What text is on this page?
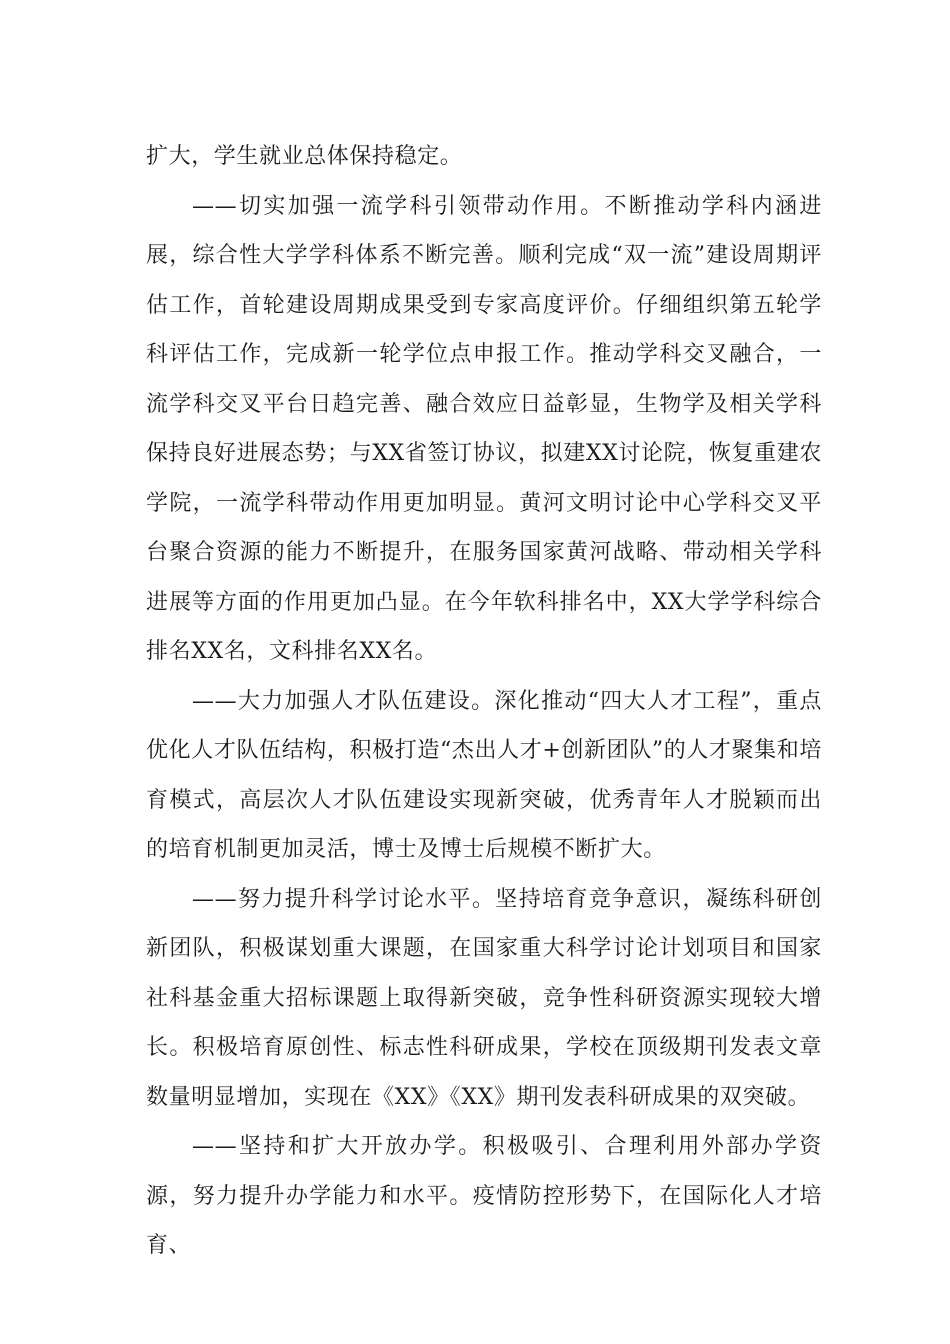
扩大，学生就业总体保持稳定。

——切实加强一流学科引领带动作用。不断推动学科内涵进展，综合性大学学科体系不断完善。顺利完成“双一流”建设周期评估工作，首轮建设周期成果受到专家高度评价。仔细组织第五轮学科评估工作，完成新一轮学位点申报工作。推动学科交叉融合，一流学科交叉平台日趋完善、融合效应日益彰显，生物学及相关学科保持良好进展态势；与XX省签订协议，拟建XX讨论院，恢复重建农学院，一流学科带动作用更加明显。黄河文明讨论中心学科交叉平台聚合资源的能力不断提升，在服务国家黄河战略、带动相关学科进展等方面的作用更加凸显。在今年软科排名中，XX大学学科综合排名XX名，文科排名XX名。

——大力加强人才队伍建设。深化推动“四大人才工程”，重点优化人才队伍结构，积极打造“杰出人才+创新团队”的人才聚集和培育模式，高层次人才队伍建设实现新突破，优秀青年人才脱颖而出的培育机制更加灵活，博士及博士后规模不断扩大。

——努力提升科学讨论水平。坚持培育竞争意识，凝练科研创新团队，积极谋划重大课题，在国家重大科学讨论计划项目和国家社科基金重大招标课题上取得新突破，竞争性科研资源实现较大增长。积极培育原创性、标志性科研成果，学校在顶级期刊发表文章数量明显增加，实现在《XX》《XX》期刊发表科研成果的双突破。

——坚持和扩大开放办学。积极吸引、合理利用外部办学资源，努力提升办学能力和水平。疫情防控形势下，在国际化人才培育、
